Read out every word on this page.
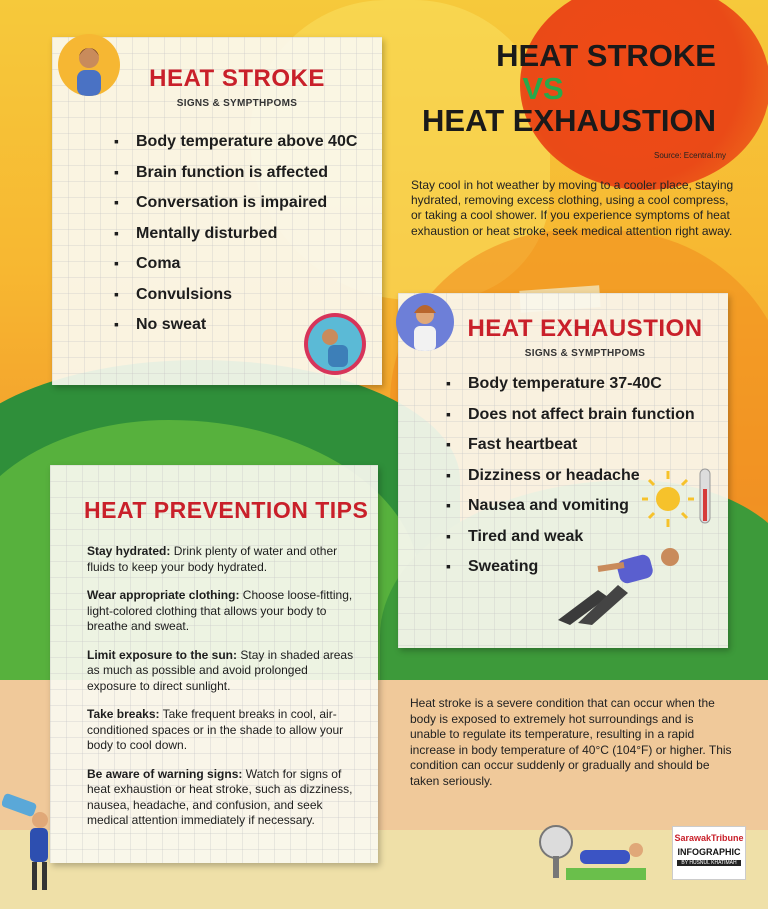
HEAT STROKE
VS
HEAT EXHAUSTION
Source: Ecentral.my
Stay cool in hot weather by moving to a cooler place, staying hydrated, removing excess clothing, using a cool compress, or taking a cool shower. If you experience symptoms of heat exhaustion or heat stroke, seek medical attention right away.
HEAT STROKE
SIGNS & SYMPTHPOMS
▪ Body temperature above 40C
▪ Brain function is affected
▪ Conversation is impaired
▪ Mentally disturbed
▪ Coma
▪ Convulsions
▪ No sweat	HEAT EXHAUSTION
SIGNS & SYMPTHPOMS
▪ Body temperature 37-40C
▪ Does not affect brain function
▪ Fast heartbeat
▪ Dizziness or headache
▪ Nausea and vomiting
▪ Tired and weak
▪ Sweating
HEAT PREVENTION TIPS
Stay hydrated: Drink plenty of water and other fluids to keep your body hydrated.
Wear appropriate clothing: Choose loose-fitting, light-colored clothing that allows your body to breathe and sweat.
Limit exposure to the sun: Stay in shaded areas as much as possible and avoid prolonged exposure to direct sunlight.
Take breaks: Take frequent breaks in cool, air-conditioned spaces or in the shade to allow your body to cool down.
Be aware of warning signs: Watch for signs of heat exhaustion or heat stroke, such as dizziness, nausea, headache, and confusion, and seek medical attention immediately if necessary.
Heat stroke is a severe condition that can occur when the body is exposed to extremely hot surroundings and is unable to regulate its temperature, resulting in a rapid increase in body temperature of 40°C (104°F) or higher. This condition can occur suddenly or gradually and should be taken seriously.
SarawakTribune
INFOGRAPHIC
BY HUSNUL KHATIMAH
